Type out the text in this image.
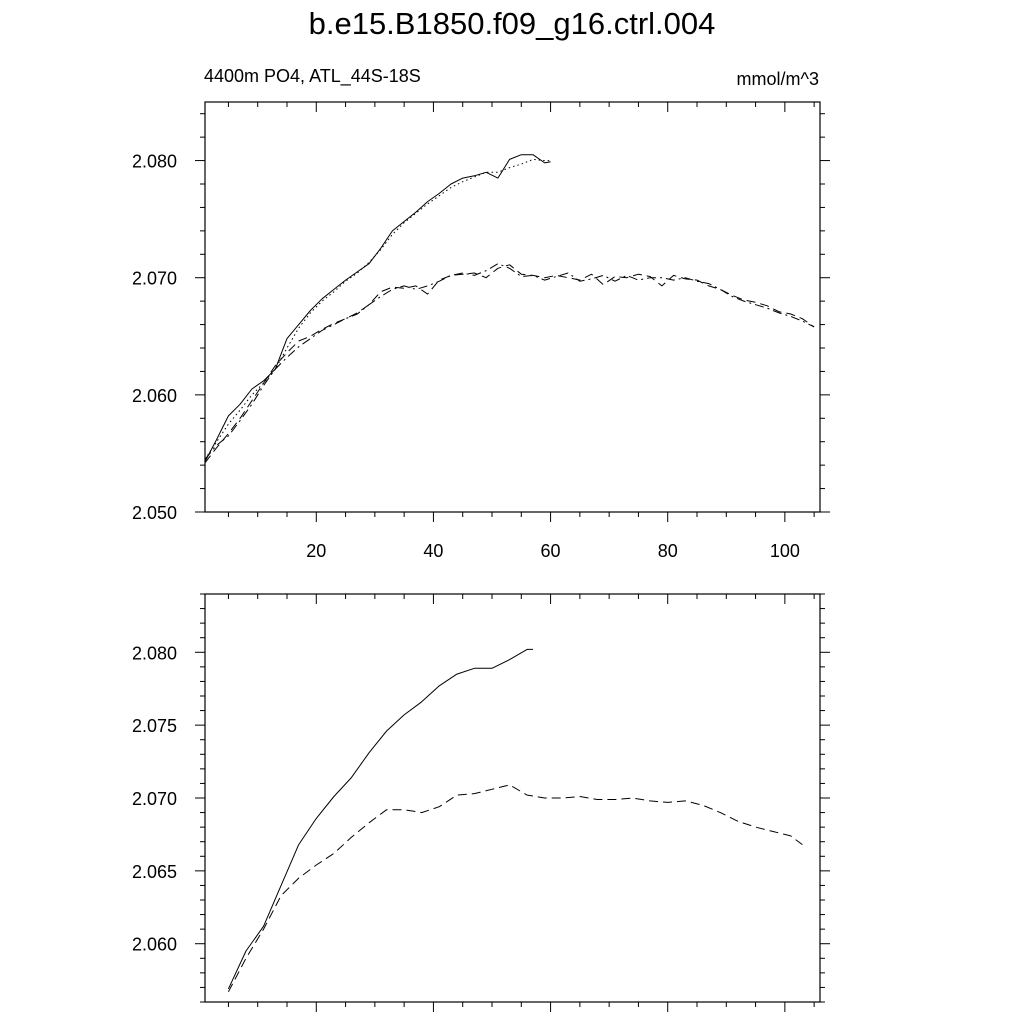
b.e15.B1850.f09_g16.ctrl.004
4400m PO4, ATL_44S-18S	mmol/m^3
20	40	60	80	100
2.050
2.060
2.070
2.080
2.060
2.065
2.070
2.075
2.080
